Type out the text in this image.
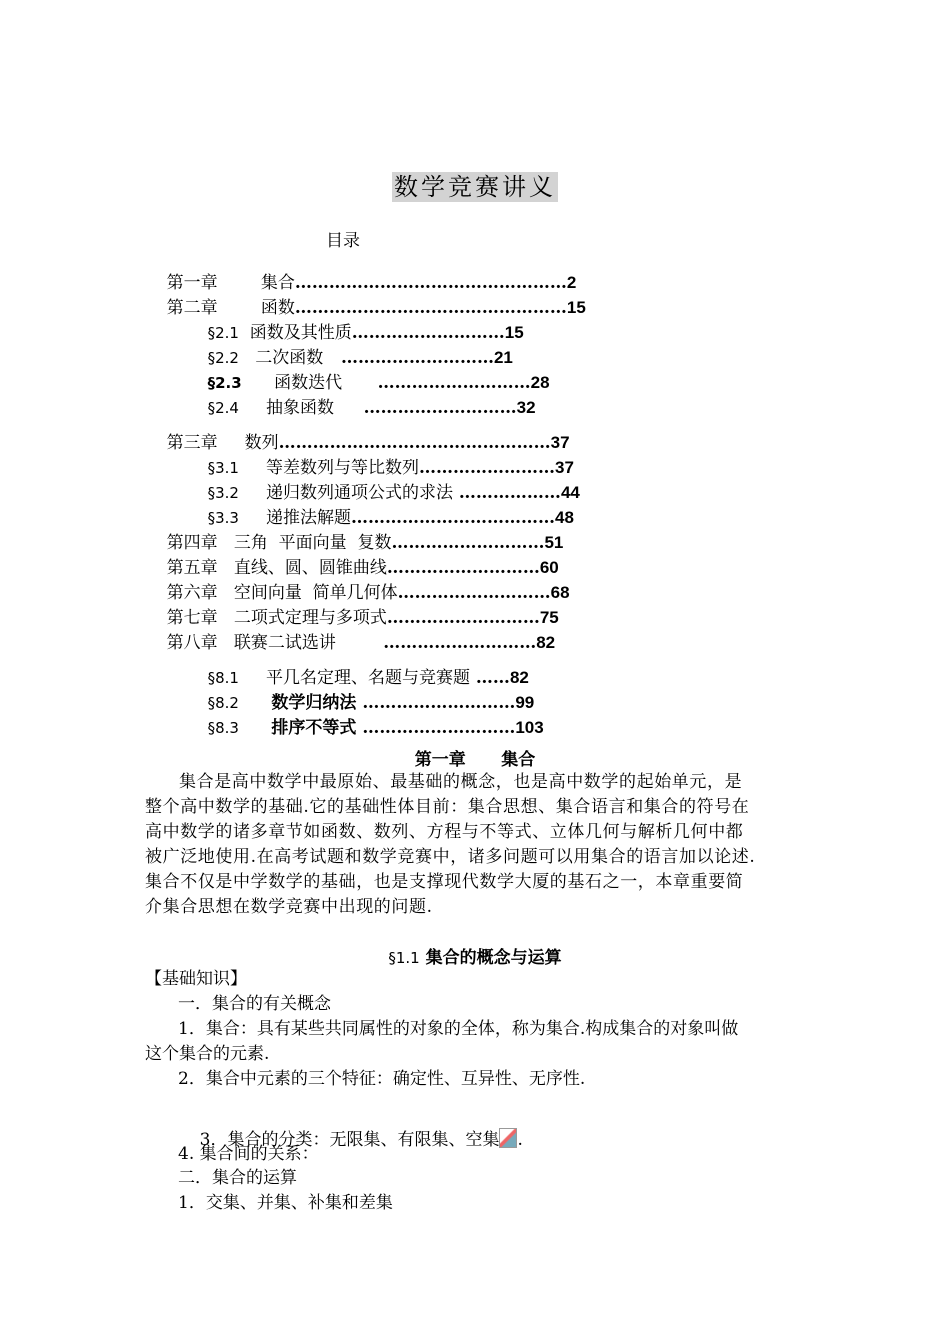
数学竞赛讲义
目录

第一章	集合…………………………………………2

第二章	函数…………………………………………15

§2.1 函数及其性质………………………15

§2.2 二次函数   ………………………21

§2.3 函数迭代      ………………………28

§2.4 抽象函数     ………………………32

第三章 数列…………………………………………37

§3.1 等差数列与等比数列……………………37

§3.2 递归数列通项公式的求法 ………………44

§3.3 递推法解题………………………………48

第四章 三角  平面向量  复数………………………51

第五章 直线、圆、圆锥曲线………………………60

第六章 空间向量  简单几何体………………………68

第七章 二项式定理与多项式………………………75

第八章 联赛二试选讲        ………………………82

§8.1 平几名定理、名题与竞赛题 ……82

§8.2 数学归纳法 ………………………99

§8.3 排序不等式 ………………………103

第一章      集合
集合是高中数学中最原始、最基础的概念，也是高中数学的起始单元，是
整个高中数学的基础.它的基础性体目前：集合思想、集合语言和集合的符号在
高中数学的诸多章节如函数、数列、方程与不等式、立体几何与解析几何中都
被广泛地使用.在高考试题和数学竞赛中，诸多问题可以用集合的语言加以论述.
集合不仅是中学数学的基础，也是支撑现代数学大厦的基石之一，本章重要简
介集合思想在数学竞赛中出现的问题.
§1.1 集合的概念与运算
【基础知识】
一．集合的有关概念
1．集合：具有某些共同属性的对象的全体，称为集合.构成集合的对象叫做
这个集合的元素.
2．集合中元素的三个特征：确定性、互异性、无序性.

3．集合的分类：无限集、有限集、空集 .

4. 集合间的关系：
二．集合的运算
1．交集、并集、补集和差集
